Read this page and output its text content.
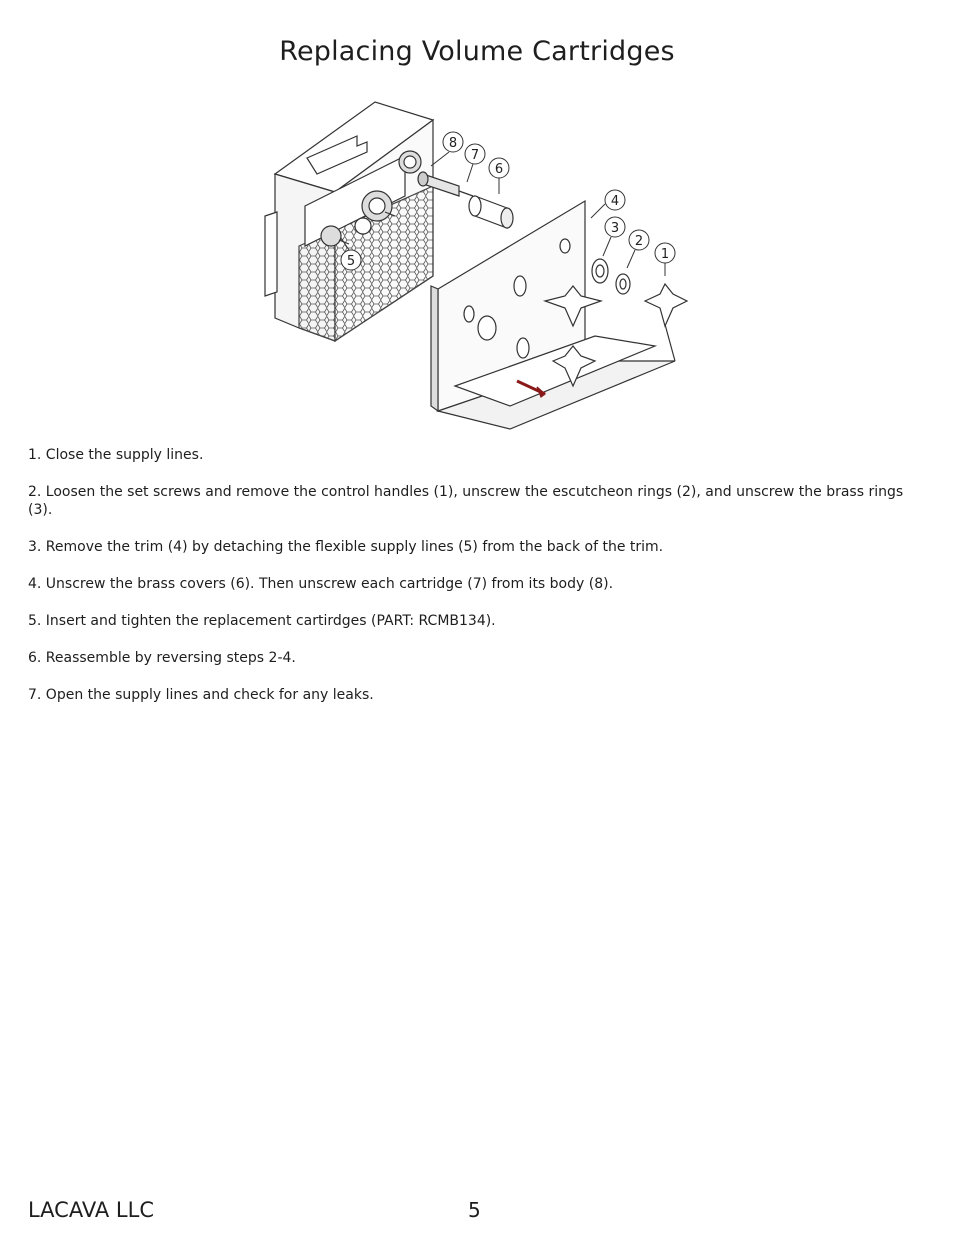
Replacing Volume Cartridges
1
2
3
4
5
6
7
8

1. Close the supply lines.

2. Loosen the set screws and remove the control handles (1), unscrew the escutcheon rings (2), and unscrew the brass rings (3).

3. Remove the trim (4) by detaching the flexible supply lines (5) from the back of the trim.

4. Unscrew the brass covers (6). Then unscrew each cartridge (7) from its body (8).

5. Insert and tighten the replacement cartirdges (PART: RCMB134).

6. Reassemble by reversing steps 2-4.

7. Open the supply lines and check for any leaks.

LACAVA LLC	5
